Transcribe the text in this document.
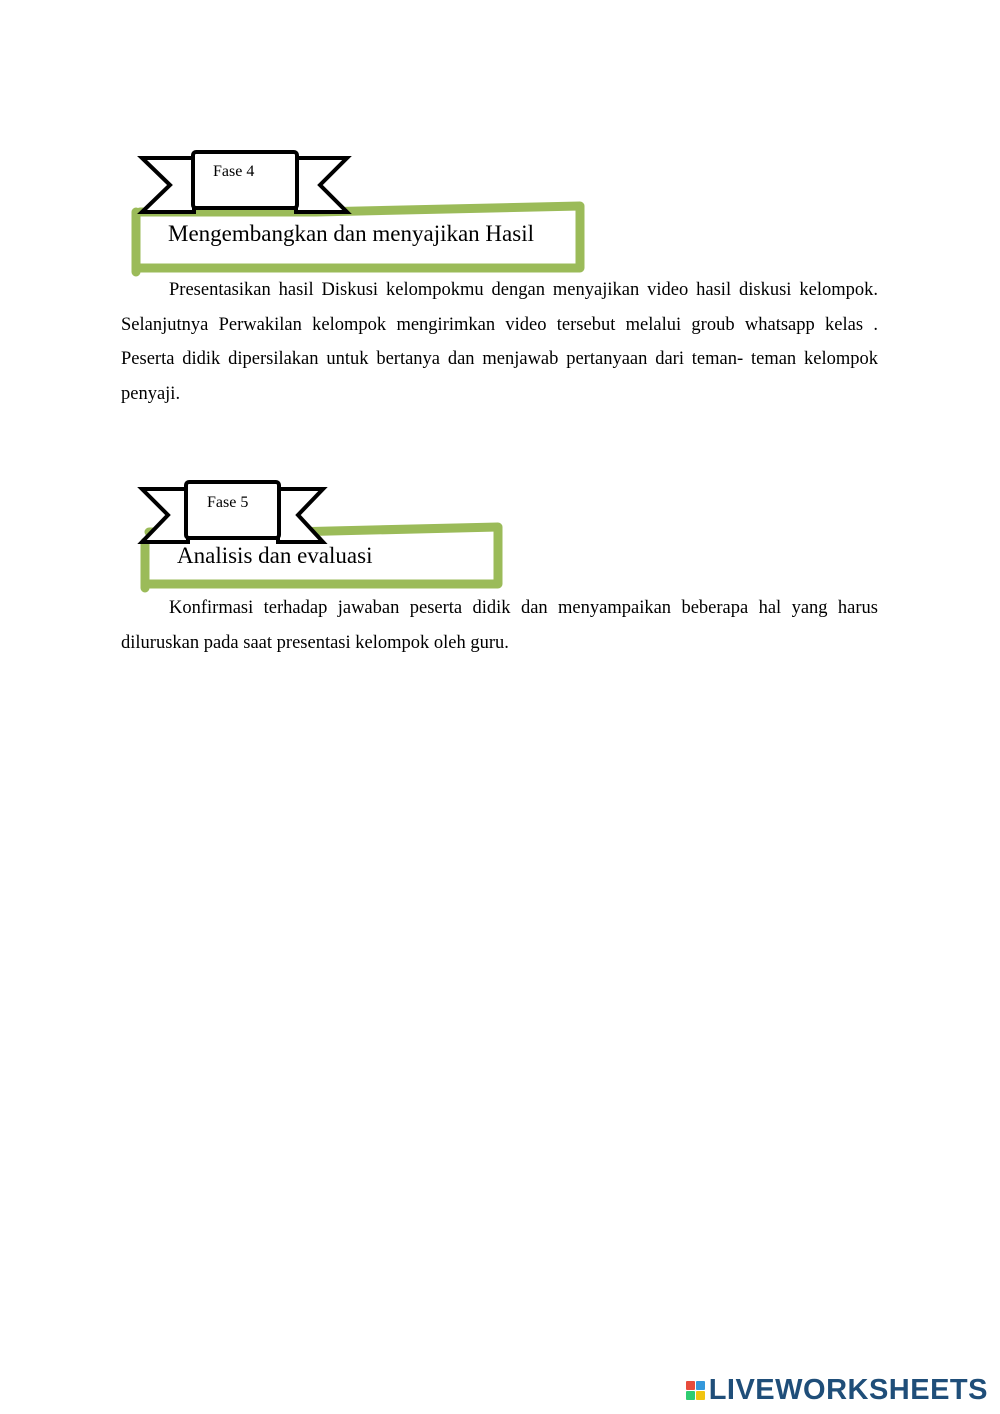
Fase 4
Mengembangkan dan menyajikan Hasil

Presentasikan hasil Diskusi kelompokmu dengan menyajikan video hasil diskusi kelompok. Selanjutnya Perwakilan kelompok mengirimkan video tersebut melalui groub whatsapp kelas . Peserta didik dipersilakan untuk bertanya dan menjawab pertanyaan dari teman- teman kelompok penyaji.

Fase 5
Analisis dan evaluasi

Konfirmasi terhadap jawaban peserta didik dan menyampaikan beberapa hal yang harus diluruskan pada saat presentasi kelompok oleh guru.

LIVEWORKSHEETS
